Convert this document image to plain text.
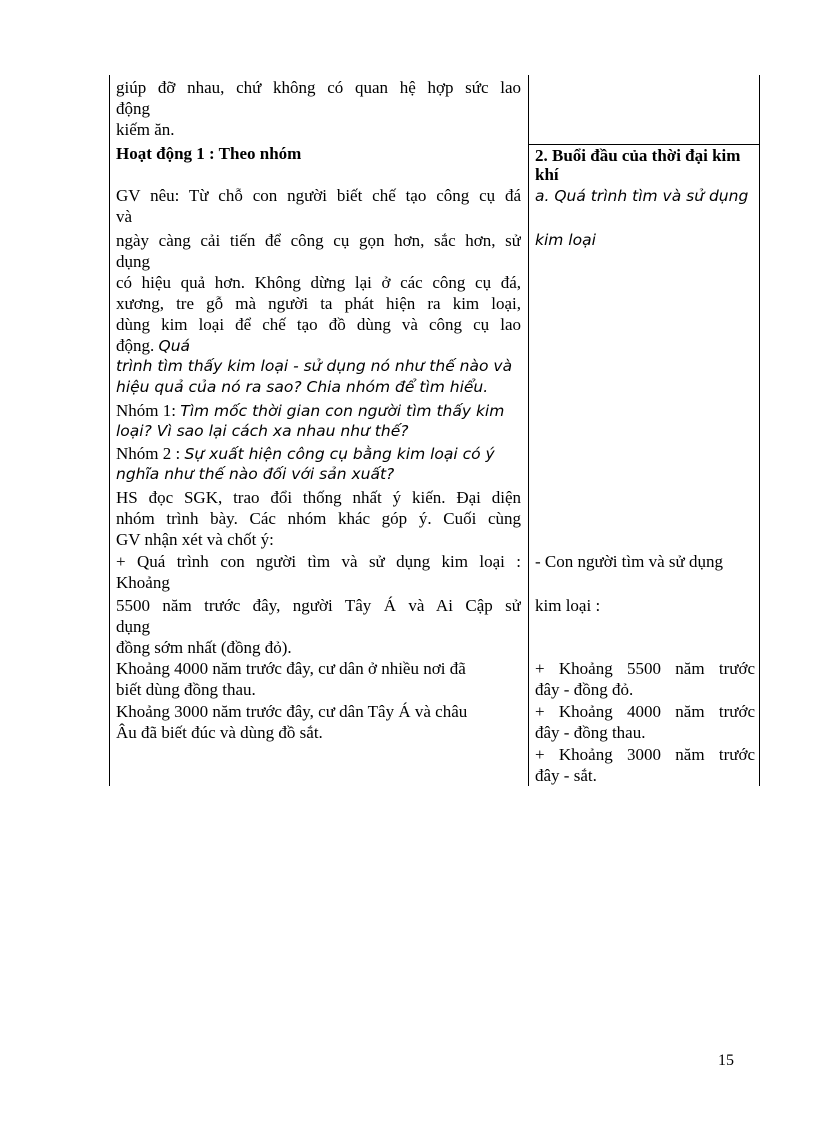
giúp đỡ nhau, chứ không có quan hệ hợp sức lao
động
kiếm ăn.
Hoạt động 1 : Theo nhóm
GV nêu: Từ chỗ con người biết chế tạo công cụ đá
và
ngày càng cải tiến để công cụ gọn hơn, sắc hơn, sử
dụng
có hiệu quả hơn. Không dừng lại ở các công cụ đá,
xương, tre gỗ mà người ta phát hiện ra kim loại,
dùng kim loại để chế tạo đồ dùng và công cụ lao
động. Quá
trình tìm thấy kim loại - sử dụng nó như thế nào và
hiệu quả của nó ra sao? Chia nhóm để tìm hiểu.
Nhóm 1: Tìm mốc thời gian con người tìm thấy kim
loại? Vì sao lại cách xa nhau như thế?
Nhóm 2 : Sự xuất hiện công cụ bằng kim loại có ý
nghĩa như thế nào đối với sản xuất?
HS đọc SGK, trao đổi thống nhất ý kiến. Đại diện
nhóm trình bày. Các nhóm khác góp ý. Cuối cùng
GV nhận xét và chốt ý:
+ Quá trình con người tìm và sử dụng kim loại :
Khoảng
5500 năm trước đây, người Tây Á và Ai Cập sử
dụng
đồng sớm nhất (đồng đỏ).
Khoảng 4000 năm trước đây, cư dân ở nhiều nơi đã
biết dùng đồng thau.
Khoảng 3000 năm trước đây, cư dân Tây Á và châu
Âu đã biết đúc và dùng đồ sắt.
2. Buổi đầu của thời đại kim
khí
a. Quá trình tìm và sử dụng
kim loại
- Con người tìm và sử dụng
kim loại :
+ Khoảng 5500 năm trước
đây - đồng đỏ.
+ Khoảng 4000 năm trước
đây - đồng thau.
+ Khoảng 3000 năm trước
đây - sắt.
15
